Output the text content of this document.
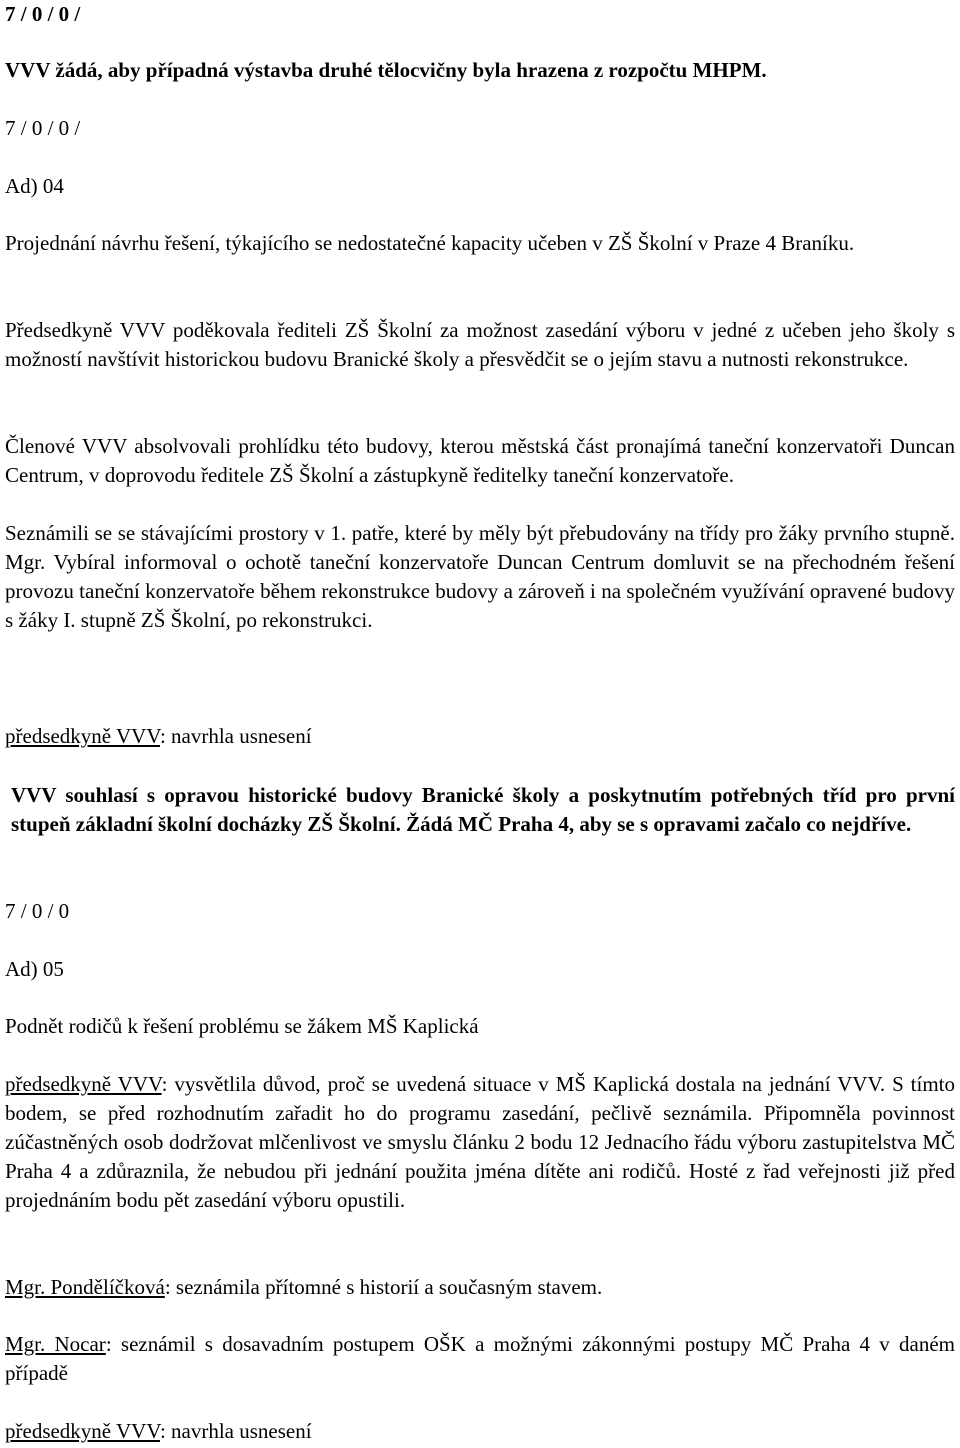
7 / 0 / 0 /

VVV žádá, aby případná výstavba druhé tělocvičny byla hrazena z rozpočtu MHPM.

7 / 0 / 0 /

Ad) 04

Projednání návrhu řešení, týkajícího se nedostatečné kapacity učeben v ZŠ Školní v Praze 4 Braníku.

Předsedkyně VVV poděkovala řediteli ZŠ Školní za možnost zasedání výboru v jedné z učeben jeho školy s možností navštívit historickou budovu Branické školy a přesvědčit se o jejím stavu a nutnosti rekonstrukce.

Členové VVV absolvovali prohlídku této budovy, kterou městská část pronajímá taneční konzervatoři Duncan Centrum, v doprovodu ředitele ZŠ Školní a zástupkyně ředitelky taneční konzervatoře.

Seznámili se se stávajícími prostory v 1. patře, které by měly být přebudovány na třídy pro žáky prvního stupně. Mgr. Vybíral informoval o ochotě taneční konzervatoře Duncan Centrum domluvit se na přechodném řešení provozu taneční konzervatoře během rekonstrukce budovy a zároveň i na společném využívání opravené budovy s žáky I. stupně ZŠ Školní, po rekonstrukci.

předsedkyně VVV: navrhla usnesení

VVV souhlasí s opravou historické budovy Branické školy a poskytnutím potřebných tříd pro první stupeň základní školní docházky ZŠ Školní. Žádá MČ Praha 4, aby se s opravami začalo co nejdříve.

7 / 0 / 0

Ad) 05

Podnět rodičů k řešení problému se žákem MŠ Kaplická

předsedkyně VVV: vysvětlila důvod, proč se uvedená situace v MŠ Kaplická dostala na jednání VVV. S tímto bodem, se před rozhodnutím zařadit ho do programu zasedání, pečlivě seznámila. Připomněla povinnost zúčastněných osob dodržovat mlčenlivost ve smyslu článku 2 bodu 12 Jednacího řádu výboru zastupitelstva MČ Praha 4 a zdůraznila, že nebudou při jednání použita jména dítěte ani rodičů. Hosté z řad veřejnosti již před projednáním bodu pět zasedání výboru opustili.

Mgr. Pondělíčková: seznámila přítomné s historií a současným stavem.

Mgr. Nocar: seznámil s dosavadním postupem OŠK a možnými zákonnými postupy MČ Praha 4 v daném případě

předsedkyně VVV: navrhla usnesení
